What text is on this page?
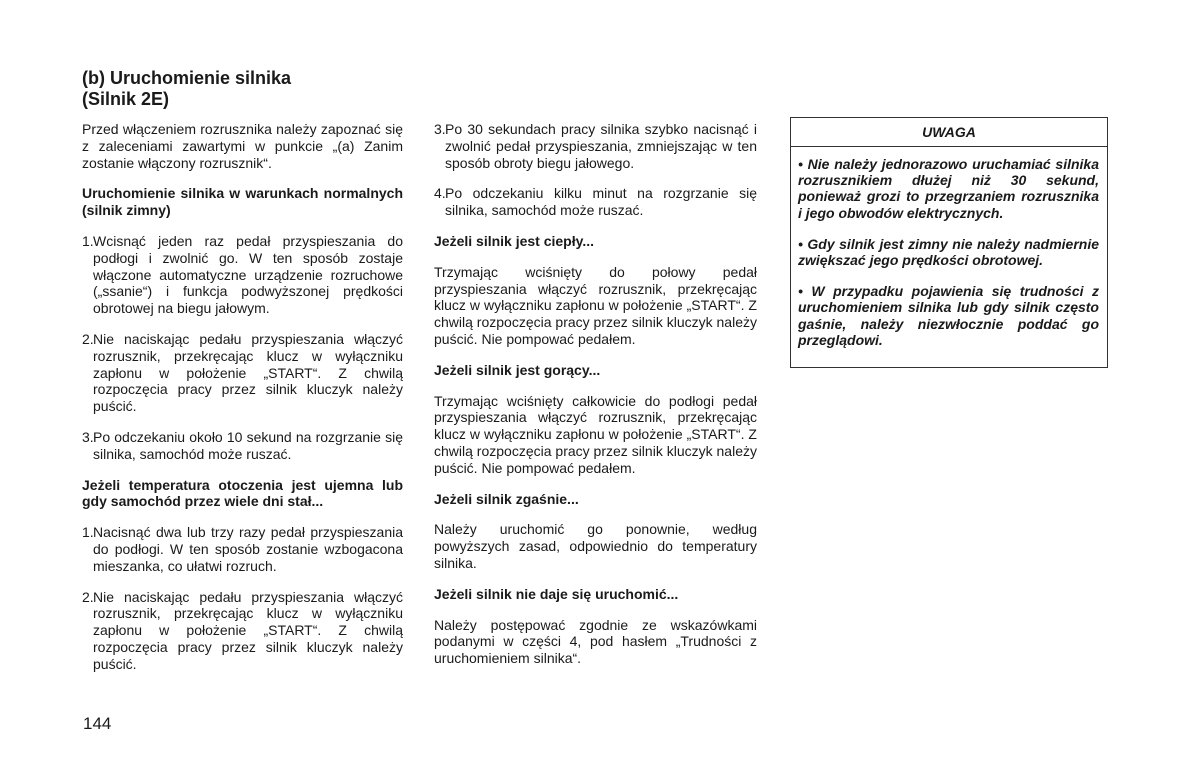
(b) Uruchomienie silnika
(Silnik 2E)

Przed włączeniem rozrusznika należy zapoznać się z zaleceniami zawartymi w punkcie „(a) Zanim zostanie włączony rozrusznik“.

Uruchomienie silnika w warunkach normalnych (silnik zimny)

1. Wcisnąć jeden raz pedał przyspieszania do podłogi i zwolnić go. W ten sposób zostaje włączone automatyczne urządzenie rozruchowe („ssanie“) i funkcja podwyższonej prędkości obrotowej na biegu jałowym.
2. Nie naciskając pedału przyspieszania włączyć rozrusznik, przekręcając klucz w wyłączniku zapłonu w położenie „START“. Z chwilą rozpoczęcia pracy przez silnik kluczyk należy puścić.
3. Po odczekaniu około 10 sekund na rozgrzanie się silnika, samochód może ruszać.

Jeżeli temperatura otoczenia jest ujemna lub gdy samochód przez wiele dni stał...

1. Nacisnąć dwa lub trzy razy pedał przyspieszania do podłogi. W ten sposób zostanie wzbogacona mieszanka, co ułatwi rozruch.
2. Nie naciskając pedału przyspieszania włączyć rozrusznik, przekręcając klucz w wyłączniku zapłonu w położenie „START“. Z chwilą rozpoczęcia pracy przez silnik kluczyk należy puścić.
3. Po 30 sekundach pracy silnika szybko nacisnąć i zwolnić pedał przyspieszania, zmniejszając w ten sposób obroty biegu jałowego.
4. Po odczekaniu kilku minut na rozgrzanie się silnika, samochód może ruszać.

Jeżeli silnik jest ciepły...

Trzymając wciśnięty do połowy pedał przyspieszania włączyć rozrusznik, przekręcając klucz w wyłączniku zapłonu w położenie „START“. Z chwilą rozpoczęcia pracy przez silnik kluczyk należy puścić. Nie pompować pedałem.

Jeżeli silnik jest gorący...

Trzymając wciśnięty całkowicie do podłogi pedał przyspieszania włączyć rozrusznik, przekręcając klucz w wyłączniku zapłonu w położenie „START“. Z chwilą rozpoczęcia pracy przez silnik kluczyk należy puścić. Nie pompować pedałem.

Jeżeli silnik zgaśnie...

Należy uruchomić go ponownie, według powyższych zasad, odpowiednio do temperatury silnika.

Jeżeli silnik nie daje się uruchomić...

Należy postępować zgodnie ze wskazówkami podanymi w części 4, pod hasłem „Trudności z uruchomieniem silnika“.

UWAGA

• Nie należy jednorazowo uruchamiać silnika rozrusznikiem dłużej niż 30 sekund, ponieważ grozi to przegrzaniem rozrusznika i jego obwodów elektrycznych.

• Gdy silnik jest zimny nie należy nadmiernie zwiększać jego prędkości obrotowej.

• W przypadku pojawienia się trudności z uruchomieniem silnika lub gdy silnik często gaśnie, należy niezwłocznie poddać go przeglądowi.

144
